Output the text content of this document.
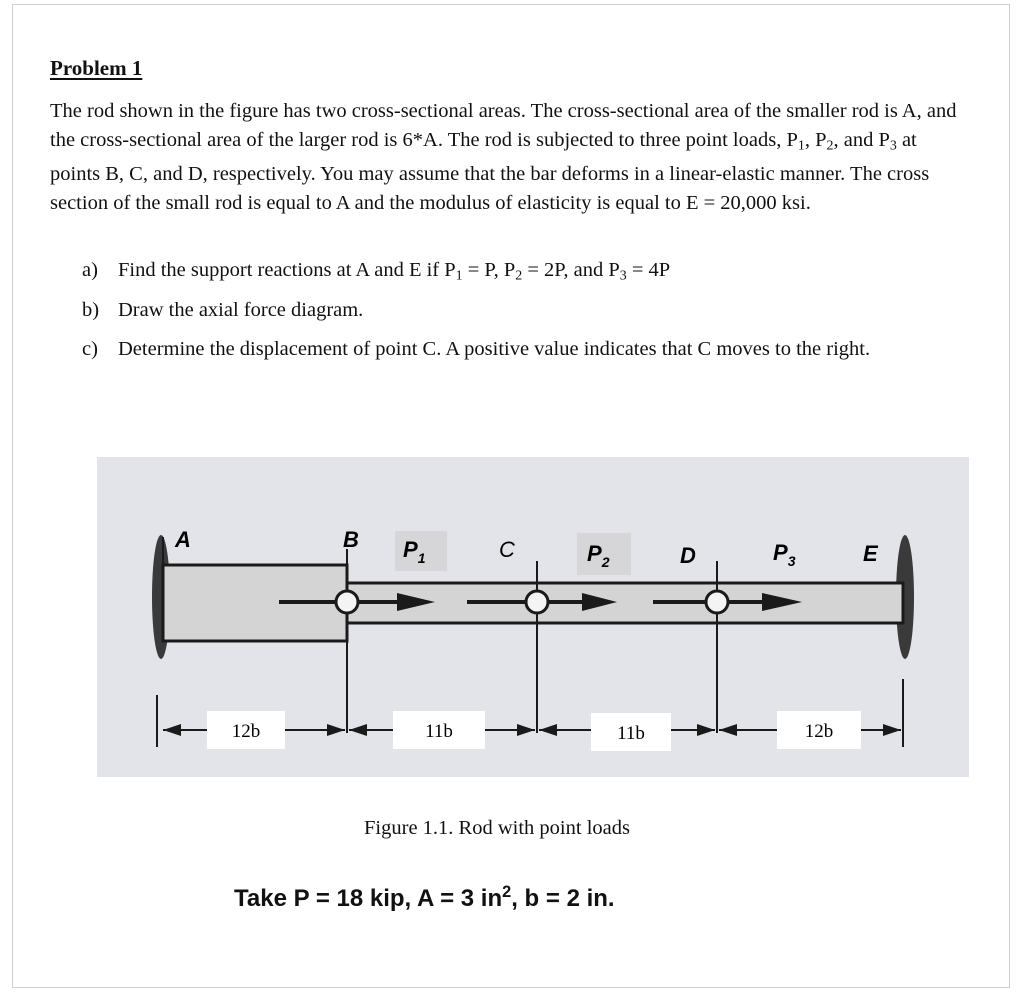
Problem 1
The rod shown in the figure has two cross-sectional areas. The cross-sectional area of the smaller rod is A, and the cross-sectional area of the larger rod is 6*A. The rod is subjected to three point loads, $P_1$, $P_2$, and $P_3$ at points B, C, and D, respectively. You may assume that the bar deforms in a linear-elastic manner. The cross section of the small rod is equal to A and the modulus of elasticity is equal to E = 20,000 ksi.
a) Find the support reactions at A and E if $P_1 = P$, $P_2 = 2P$, and $P_3 = 4P$
b) Draw the axial force diagram.
c) Determine the displacement of point C. A positive value indicates that C moves to the right.
A	B	C	D	E
$P_1$	$P_2$	$P_3$
12b	11b	11b	12b
Figure 1.1. Rod with point loads
Take P = 18 kip, A = 3 $in^2$, b = 2 in.
